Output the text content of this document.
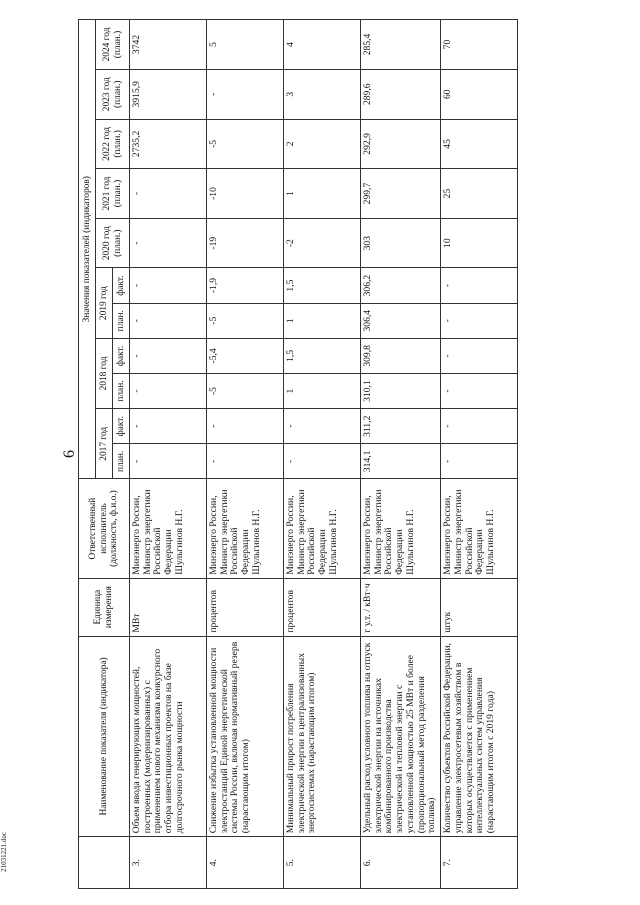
6
21031221.doc
	Наименование показателя (индикатора)	Единица измерения	Ответственный исполнитель (должность, ф.и.о.)	Значения показателей (индикаторов)										
				2017 год		2018 год		2019 год		2020 год (план.)	2021 год (план.)	2022 год (план.)	2023 год (план.)	2024 год (план.)
				план.	факт.	план.	факт.	план.	факт.					
3.	Объем ввода генерирующих мощностей, построенных (модернизированных) с применением нового механизма конкурсного отбора инвестиционных проектов на базе долгосрочного рынка мощности	МВт	Минэнерго России, Министр энергетики Российской Федерации Шульгинов Н.Г.	-	-	-	-	-	-	-	-	2735,2	3915,9	3742
4.	Снижение избытка установленной мощности электростанций Единой энергетической системы России, включая нормативный резерв (нарастающим итогом)	процентов	Минэнерго России, Министр энергетики Российской Федерации Шульгинов Н.Г.	-	-	-5	-5,4	-5	-1,9	-19	-10	-5	-	5
5.	Минимальный прирост потребления электрической энергии в централизованных энергосистемах (нарастающим итогом)	процентов	Минэнерго России, Министр энергетики Российской Федерации Шульгинов Н.Г.	-	-	1	1,5	1	1,5	-2	1	2	3	4
6.	Удельный расход условного топлива на отпуск электрической энергии на источниках комбинированного производства электрической и тепловой энергии с установленной мощностью 25 МВт и более (пропорциональный метод разделения топлива)	г у.т. / кВт·ч	Минэнерго России, Министр энергетики Российской Федерации Шульгинов Н.Г.	314,1	311,2	310,1	309,8	306,4	306,2	303	299,7	292,9	289,6	285,4
7.	Количество субъектов Российской Федерации, управление электросетевым хозяйством в которых осуществляется с применением интеллектуальных систем управления (нарастающим итогом с 2019 года)	штук	Минэнерго России, Министр энергетики Российской Федерации Шульгинов Н.Г.	-	-	-	-	-	-	10	25	45	60	70
